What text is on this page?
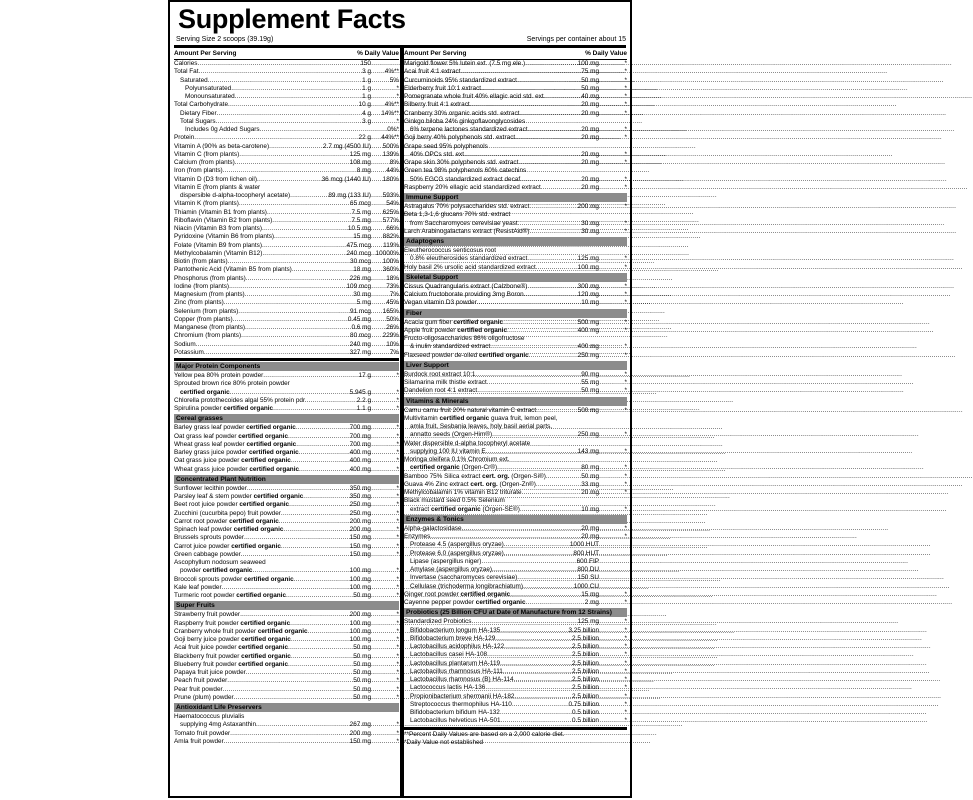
Supplement Facts
Serving Size 2 scoops (39.19g)	Servings per container about 15
Amount Per Serving	% Daily Value
Calories .....	150
Total Fat .....	3 g	4%**
Saturated .....	1 g	5%
Polyunsaturated .....	1 g	*
Monounsaturated .....	1 g	*
Total Carbohydrate .....	10 g	4%**
Dietary Fiber .....	4 g	14%**
Total Sugars .....	3 g	*
Includes 0g Added Sugars .....	0%*
Protein .....	22 g	44%**
Vitamin A (90% as beta-carotene) .....	2.7 mg (4500 IU)	500%
Vitamin C (from plants) .....	125 mg	139%
Calcium (from plants) .....	108 mg	8%
Iron (from plants) .....	8 mg	44%
Vitamin D (D3 from lichen oil) .....	36 mcg (1440 IU)	180%
Vitamin E (from plants & water
dispersible d-alpha-tocopheryl acetate) .....	89 mg (133 IU)	593%
Vitamin K (from plants) .....	65 mcg	54%
Thiamin (Vitamin B1 from plants) .....	7.5 mg	625%
Riboflavin (Vitamin B2 from plants) .....	7.5 mg	577%
Niacin (Vitamin B3 from plants) .....	10.5 mg	66%
Pyridoxine (Vitamin B6 from plants) .....	15 mg	882%
Folate (Vitamin B9 from plants) .....	475 mcg	119%
Methylcobalamin (Vitamin B12) .....	240 mcg 10000%
Biotin (from plants) .....	30 mcg	100%
Pantothenic Acid (Vitamin B5 from plants) .....	18 mg	360%
Phosphorus (from plants) .....	226 mg	18%
Iodine (from plants) .....	109 mcg	73%
Magnesium (from plants) .....	30 mg	7%
Zinc (from plants) .....	5 mg	45%
Selenium (from plants) .....	91 mcg	165%
Copper (from plants) .....	0.45 mg	50%
Manganese (from plants) .....	0.6 mg	26%
Chromium (from plants) .....	80 mcg	229%
Sodium .....	240 mg	10%
Potassium .....	327 mg	7%
Major Protein Components
Yellow pea 80% protein powder .....	17 g	*
Sprouted brown rice 80% protein powder
certified organic .....	5.945 g	*
Chlorella protothecoides algal 55% protein pdr. .....	2.2 g	*
Spirulina powder certified organic .....	1.1 g	*
Cereal grasses
Barley grass leaf powder certified organic .....	700 mg	*
Oat grass leaf powder certified organic .....	700 mg	*
Wheat grass leaf powder certified organic .....	700 mg	*
Barley grass juice powder certified organic .....	400 mg	*
Oat grass juice powder certified organic .....	400 mg	*
Wheat grass juice powder certified organic .....	400 mg	*
Concentrated Plant Nutrition
Sunflower lecithin powder .....	350 mg	*
Parsley leaf & stem powder certified organic .....	350 mg	*
Beet root juice powder certified organic .....	250 mg	*
Zucchini (cucurbita pepo) fruit powder .....	250 mg	*
Carrot root powder certified organic .....	200 mg	*
Spinach leaf powder certified organic .....	200 mg	*
Brussels sprouts powder .....	150 mg	*
Carrot juice powder certified organic .....	150 mg	*
Green cabbage powder .....	150 mg	*
Ascophyllum nodosum seaweed
powder certified organic .....	100 mg	*
Broccoli sprouts powder certified organic .....	100 mg	*
Kale leaf powder .....	100 mg	*
Turmeric root powder certified organic .....	50 mg	*
Super Fruits
Strawberry fruit powder .....	200 mg	*
Raspberry fruit powder certified organic .....	100 mg	*
Cranberry whole fruit powder certified organic .....	100 mg	*
Goji berry juice powder certified organic .....	100 mg	*
Acai fruit juice powder certified organic .....	50 mg	*
Blackberry fruit powder certified organic .....	50 mg	*
Blueberry fruit powder certified organic .....	50 mg	*
Papaya fruit juice powder .....	50 mg	*
Peach fruit powder .....	50 mg	*
Pear fruit powder .....	50 mg	*
Prune (plum) powder .....	50 mg	*
Antioxidant Life Preservers
Haematococcus pluvialis
supplying 4mg Astaxanthin .....	267 mg	*
Tomato fruit powder .....	200 mg	*
Amla fruit powder .....	150 mg	*
Amount Per Serving	% Daily Value
Marigold flower 5% lutein ext. (7.5 mg ele.) .....	100 mg	*
Acai fruit 4:1 extract .....	75 mg	*
Curcuminoids 95% standardized extract .....	50 mg	*
Elderberry fruit 10:1 extract .....	50 mg	*
Pomegranate whole fruit 40% ellagic acid std. ext. .....	40 mg	*
Bilberry fruit 4:1 extract .....	20 mg	*
Cranberry 30% organic acids std. extract .....	20 mg	*
Ginkgo biloba 24% ginkgoflavonglycosides
6% terpene lactones standardized extract .....	20 mg	*
Goji berry 40% polyphenols std. extract .....	20 mg	*
Grape seed 95% polyphenols
40% OPCs std. ext. .....	20 mg	*
Grape skin 30% polyphenols std. extract .....	20 mg	*
Green tea 98% polyphenols 60% catechins
50% EGCG standardized extract decaf .....	20 mg	*
Raspberry 20% ellagic acid standardized extract .....	20 mg	*
Immune Support
Astragalus 70% polysaccharides std. extract .....	200 mg	*
Beta 1,3-1,6 glucans 70% std. extract
from Saccharomyces cerevisiae yeast .....	30 mg	*
Larch Arabinogalactans extract (ResistAid®) .....	30 mg	*
Adaptogens
Eleutherococcus senticosus root
0.8% eleutherosides standardized extract .....	125 mg	*
Holy basil 2% ursolic acid standardized extract .....	100 mg	*
Skeletal Support
Cissus Quadrangularis extract (Calzbone®) .....	300 mg	*
Calcium fructoborate providing 3mg Boron .....	120 mg	*
Vegan vitamin D3 powder .....	10 mg	*
Fiber
Acacia gum fiber certified organic .....	500 mg	*
Apple fruit powder certified organic .....	400 mg	*
Fructo-oligosaccharides 86% oligofructose
& inulin standardized extract .....	400 mg	*
Flaxseed powder de-oiled certified organic .....	250 mg	*
Liver Support
Burdock root extract 10:1 .....	90 mg	*
Silamarina milk thistle extract .....	55 mg	*
Dandelion root 4:1 extract .....	50 mg	*
Vitamins & Minerals
Camu camu fruit 20% natural vitamin C extract .....	500 mg	*
Multivitamin certified organic guava fruit, lemon peel,
amla fruit, Sesbania leaves, holy basil aerial parts,
annatto seeds (Orgen-Him®) .....	250 mg	*
Water dispersible d-alpha tocopheryl acetate
supplying 100 IU vitamin E .....	143 mg	*
Moringa oleifera 0.1% Chromium ext.
certified organic (Orgen-Cr®) .....	80 mg	*
Bamboo 75% Silica extract cert. org. (Orgen-Si®) .....	50 mg	*
Guava 4% Zinc extract cert. org. (Orgen-Zn®) .....	33 mg	*
Methylcobalamin 1% vitamin B12 triturate .....	20 mg	*
Black mustard seed 0.5% Selenium
extract certified organic (Orgen-SE®) .....	10 mg	*
Enzymes & Tonics
Alpha-galactosidase .....	20 mg	*
Enzymes .....	20 mg	*
Protease 4.5 (aspergillus oryzae) .....	1000 HUT
Protease 6.0 (aspergillus oryzae) .....	800 HUT
Lipase (aspergillus niger) .....	600 FIP
Amylase (aspergillus oryzae) .....	800 DU
Invertase (saccharomyces cerevisiae) .....	150 SU
Cellulase (trichoderma longibrachiatum) .....	1000 CU
Ginger root powder certified organic .....	15 mg	*
Cayenne pepper powder certified organic .....	2 mg	*
Probiotics (25 Billion CFU at Date of Manufacture from 12 Strains)
Standardized Probiotics .....	125 mg	*
Bifidobacterium longum HA-135 .....	3.25 billion	*
Bifidobacterium breve HA-129 .....	2.5 billion	*
Lactobacillus acidophilus HA-122 .....	2.5 billion	*
Lactobacillus casei HA-108 .....	2.5 billion	*
Lactobacillus plantarum HA-119 .....	2.5 billion	*
Lactobacillus rhamnosus HA-111 .....	2.5 billion	*
Lactobacillus rhamnosus (B) HA-114 .....	2.5 billion	*
Lactococcus lactis HA-136 .....	2.5 billion	*
Propionibacterium shermanii HA-182 .....	2.5 billion	*
Streptococcus thermophilus HA-110 .....	0.75 billion	*
Bifidobacterium bifidum HA-132 .....	0.5 billion	*
Lactobacillus helveticus HA-501 .....	0.5 billion	*
**Percent Daily Values are based on a 2,000 calorie diet.
*Daily Value not established
